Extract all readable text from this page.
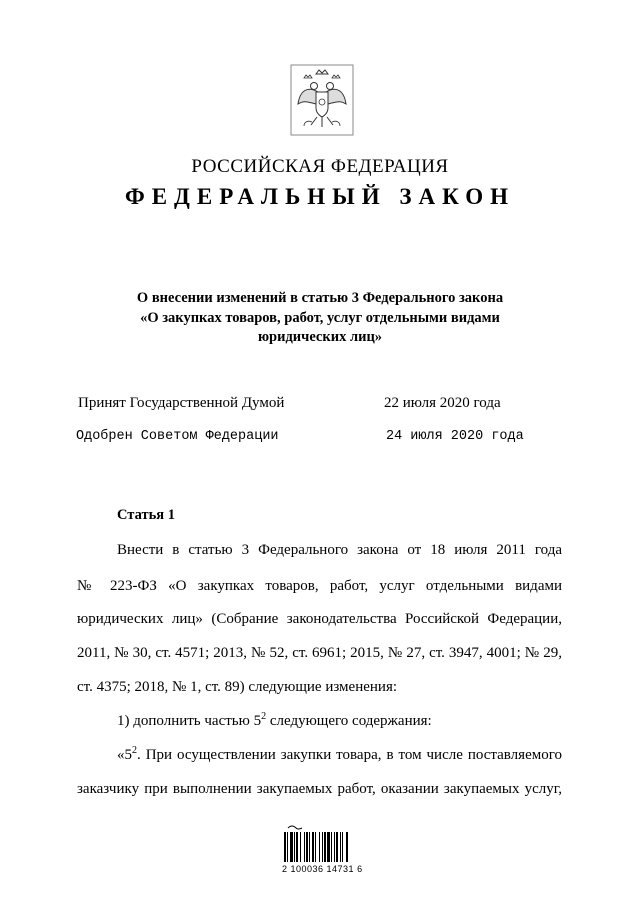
РОССИЙСКАЯ ФЕДЕРАЦИЯ
ФЕДЕРАЛЬНЫЙ ЗАКОН
О внесении изменений в статью 3 Федерального закона
«О закупках товаров, работ, услуг отдельными видами
юридических лиц»
Принят Государственной Думой	22 июля 2020 года
Одобрен Советом Федерации	24 июля 2020 года
Статья 1
Внести в статью 3 Федерального закона от 18 июля 2011 года
№ 223-ФЗ «О закупках товаров, работ, услуг отдельными видами
юридических лиц» (Собрание законодательства Российской Федерации,
2011, № 30, ст. 4571; 2013, № 52, ст. 6961; 2015, № 27, ст. 3947, 4001; № 29,
ст. 4375; 2018, № 1, ст. 89) следующие изменения:
1) дополнить частью $5^2$ следующего содержания:
«$5^2$. При осуществлении закупки товара, в том числе поставляемого
заказчику при выполнении закупаемых работ, оказании закупаемых услуг,
2 100036 14731 6
